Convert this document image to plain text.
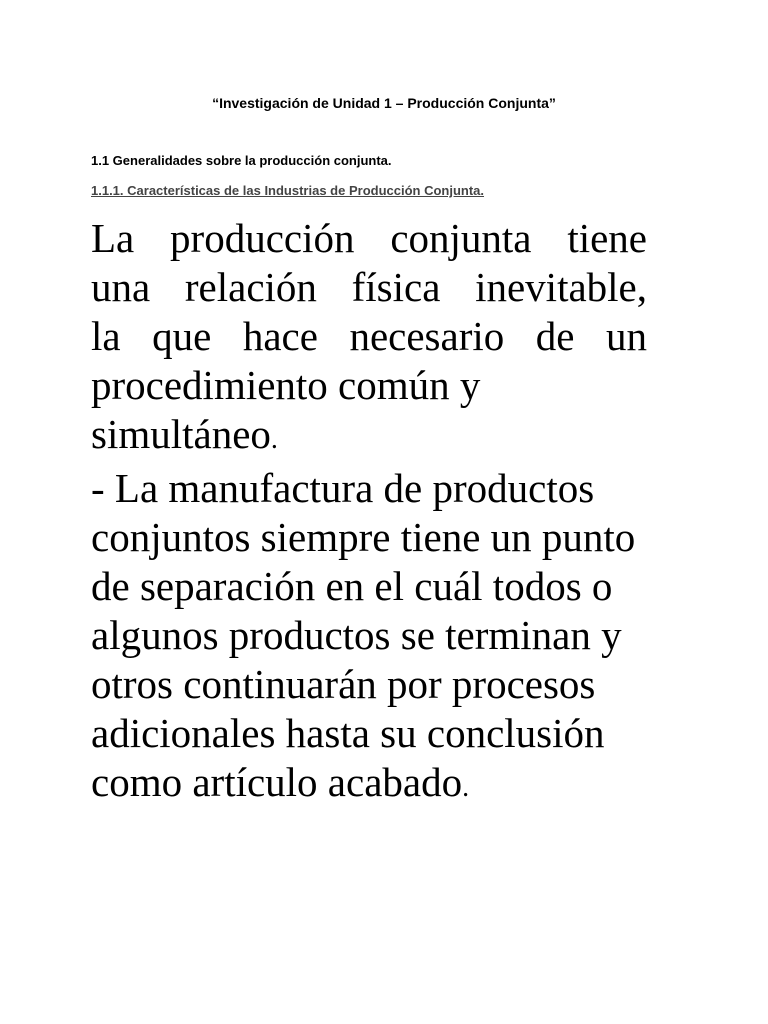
“Investigación de Unidad 1 – Producción Conjunta”
1.1 Generalidades sobre la producción conjunta.
1.1.1. Características de las Industrias de Producción Conjunta.

La producción conjunta tiene
una relación física inevitable,
la que hace necesario de un
procedimiento común y
simultáneo.

- La manufactura de productos
conjuntos siempre tiene un punto
de separación en el cuál todos o
algunos productos se terminan y
otros continuarán por procesos
adicionales hasta su conclusión
como artículo acabado.
